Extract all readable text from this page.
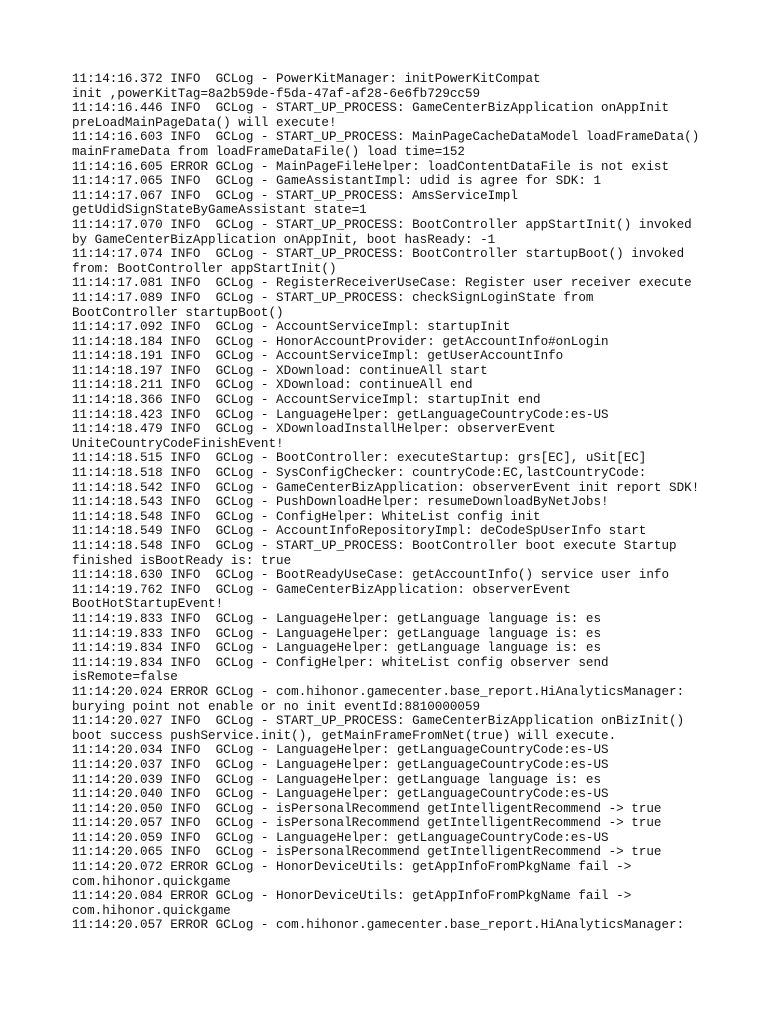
11:14:16.372 INFO  GCLog - PowerKitManager: initPowerKitCompat
init ,powerKitTag=8a2b59de-f5da-47af-af28-6e6fb729cc59
11:14:16.446 INFO  GCLog - START_UP_PROCESS: GameCenterBizApplication onAppInit
preLoadMainPageData() will execute!
11:14:16.603 INFO  GCLog - START_UP_PROCESS: MainPageCacheDataModel loadFrameData()
mainFrameData from loadFrameDataFile() load time=152
11:14:16.605 ERROR GCLog - MainPageFileHelper: loadContentDataFile is not exist
11:14:17.065 INFO  GCLog - GameAssistantImpl: udid is agree for SDK: 1
11:14:17.067 INFO  GCLog - START_UP_PROCESS: AmsServiceImpl
getUdidSignStateByGameAssistant state=1
11:14:17.070 INFO  GCLog - START_UP_PROCESS: BootController appStartInit() invoked
by GameCenterBizApplication onAppInit, boot hasReady: -1
11:14:17.074 INFO  GCLog - START_UP_PROCESS: BootController startupBoot() invoked
from: BootController appStartInit()
11:14:17.081 INFO  GCLog - RegisterReceiverUseCase: Register user receiver execute
11:14:17.089 INFO  GCLog - START_UP_PROCESS: checkSignLoginState from
BootController startupBoot()
11:14:17.092 INFO  GCLog - AccountServiceImpl: startupInit
11:14:18.184 INFO  GCLog - HonorAccountProvider: getAccountInfo#onLogin
11:14:18.191 INFO  GCLog - AccountServiceImpl: getUserAccountInfo
11:14:18.197 INFO  GCLog - XDownload: continueAll start
11:14:18.211 INFO  GCLog - XDownload: continueAll end
11:14:18.366 INFO  GCLog - AccountServiceImpl: startupInit end
11:14:18.423 INFO  GCLog - LanguageHelper: getLanguageCountryCode:es-US
11:14:18.479 INFO  GCLog - XDownloadInstallHelper: observerEvent
UniteCountryCodeFinishEvent!
11:14:18.515 INFO  GCLog - BootController: executeStartup: grs[EC], uSit[EC]
11:14:18.518 INFO  GCLog - SysConfigChecker: countryCode:EC,lastCountryCode:
11:14:18.542 INFO  GCLog - GameCenterBizApplication: observerEvent init report SDK!
11:14:18.543 INFO  GCLog - PushDownloadHelper: resumeDownloadByNetJobs!
11:14:18.548 INFO  GCLog - ConfigHelper: WhiteList config init
11:14:18.549 INFO  GCLog - AccountInfoRepositoryImpl: deCodeSpUserInfo start
11:14:18.548 INFO  GCLog - START_UP_PROCESS: BootController boot execute Startup
finished isBootReady is: true
11:14:18.630 INFO  GCLog - BootReadyUseCase: getAccountInfo() service user info
11:14:19.762 INFO  GCLog - GameCenterBizApplication: observerEvent
BootHotStartupEvent!
11:14:19.833 INFO  GCLog - LanguageHelper: getLanguage language is: es
11:14:19.833 INFO  GCLog - LanguageHelper: getLanguage language is: es
11:14:19.834 INFO  GCLog - LanguageHelper: getLanguage language is: es
11:14:19.834 INFO  GCLog - ConfigHelper: whiteList config observer send
isRemote=false
11:14:20.024 ERROR GCLog - com.hihonor.gamecenter.base_report.HiAnalyticsManager:
burying point not enable or no init eventId:8810000059
11:14:20.027 INFO  GCLog - START_UP_PROCESS: GameCenterBizApplication onBizInit()
boot success pushService.init(), getMainFrameFromNet(true) will execute.
11:14:20.034 INFO  GCLog - LanguageHelper: getLanguageCountryCode:es-US
11:14:20.037 INFO  GCLog - LanguageHelper: getLanguageCountryCode:es-US
11:14:20.039 INFO  GCLog - LanguageHelper: getLanguage language is: es
11:14:20.040 INFO  GCLog - LanguageHelper: getLanguageCountryCode:es-US
11:14:20.050 INFO  GCLog - isPersonalRecommend getIntelligentRecommend -> true
11:14:20.057 INFO  GCLog - isPersonalRecommend getIntelligentRecommend -> true
11:14:20.059 INFO  GCLog - LanguageHelper: getLanguageCountryCode:es-US
11:14:20.065 INFO  GCLog - isPersonalRecommend getIntelligentRecommend -> true
11:14:20.072 ERROR GCLog - HonorDeviceUtils: getAppInfoFromPkgName fail ->
com.hihonor.quickgame
11:14:20.084 ERROR GCLog - HonorDeviceUtils: getAppInfoFromPkgName fail ->
com.hihonor.quickgame
11:14:20.057 ERROR GCLog - com.hihonor.gamecenter.base_report.HiAnalyticsManager:
